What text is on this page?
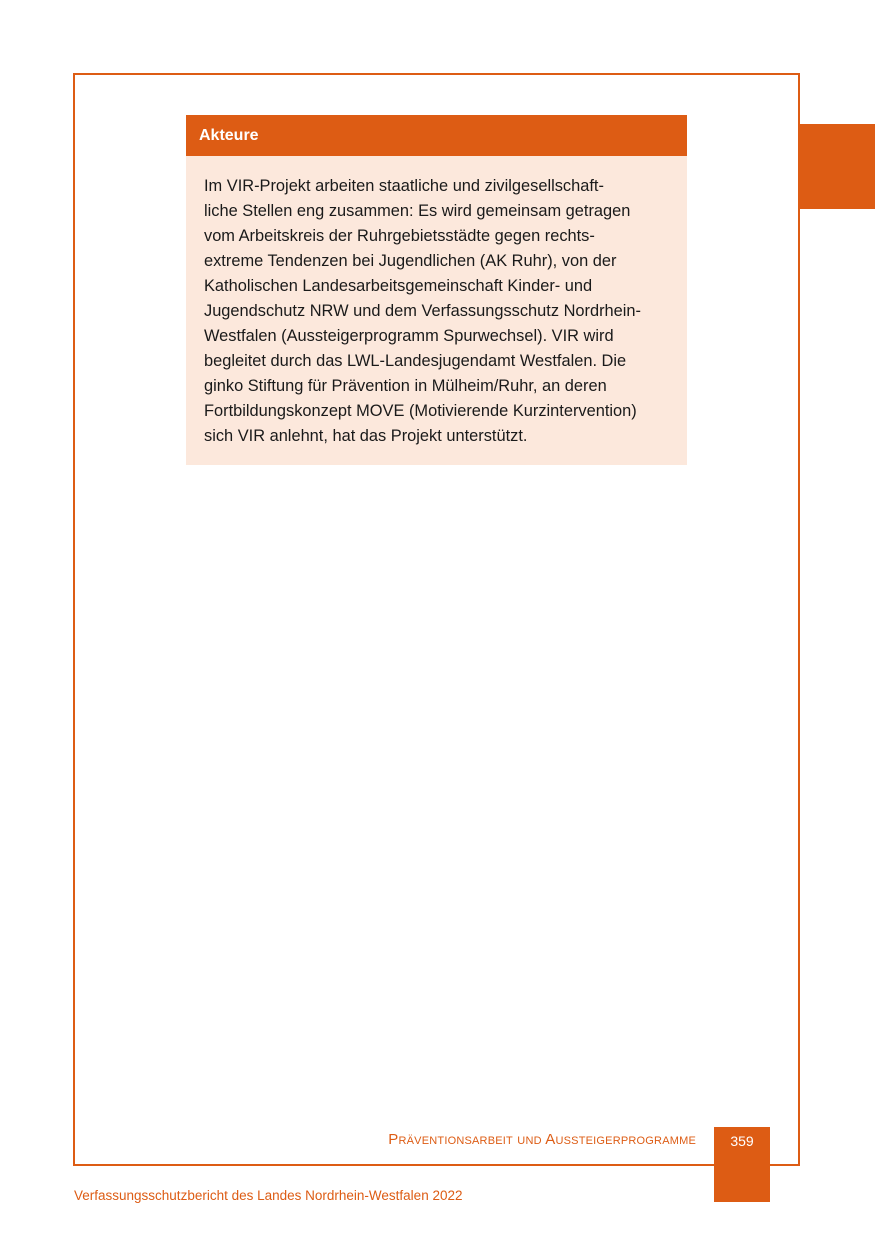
Akteure
Im VIR-Projekt arbeiten staatliche und zivilgesellschaft-
liche Stellen eng zusammen: Es wird gemeinsam getragen
vom Arbeitskreis der Ruhrgebietsstädte gegen rechts-
extreme Tendenzen bei Jugendlichen (AK Ruhr), von der
Katholischen Landesarbeitsgemeinschaft Kinder- und
Jugendschutz NRW und dem Verfassungsschutz Nordrhein-
Westfalen (Aussteigerprogramm Spurwechsel). VIR wird
begleitet durch das LWL-Landesjugendamt Westfalen. Die
ginko Stiftung für Prävention in Mülheim/Ruhr, an deren
Fortbildungskonzept MOVE (Motivierende Kurzintervention)
sich VIR anlehnt, hat das Projekt unterstützt.
Präventionsarbeit und Aussteigerprogramme	359
Verfassungsschutzbericht des Landes Nordrhein-Westfalen 2022
